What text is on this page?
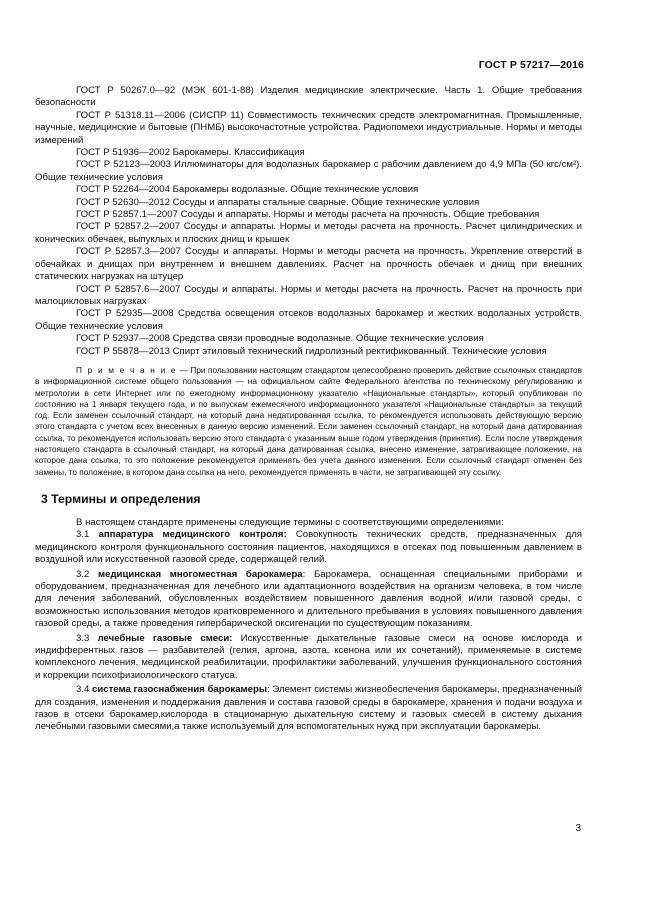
ГОСТ Р 57217—2016

ГОСТ Р 50267.0—92 (МЭК 601-1-88) Изделия медицинские электрические. Часть 1. Общие требования безопасности

ГОСТ Р 51318.11—2006 (СИСПР 11) Совместимость технических средств электромагнитная. Промышленные, научные, медицинские и бытовые (ПНМБ) высокочастотные устройства. Радиопомехи индустриальные. Нормы и методы измерений

ГОСТ Р 51936—2002 Барокамеры. Классификация

ГОСТ Р 52123—2003 Иллюминаторы для водолазных барокамер с рабочим давлением до 4,9 МПа (50 кгс/см²). Общие технические условия

ГОСТ Р 52264—2004 Барокамеры водолазные. Общие технические условия

ГОСТ Р 52630—2012 Сосуды и аппараты стальные сварные. Общие технические условия

ГОСТ Р 52857.1—2007 Сосуды и аппараты. Нормы и методы расчета на прочность. Общие требования

ГОСТ Р 52857.2—2007 Сосуды и аппараты. Нормы и методы расчета на прочность. Расчет цилиндрических и конических обечаек, выпуклых и плоских днищ и крышек

ГОСТ Р 52857.3—2007 Сосуды и аппараты. Нормы и методы расчета на прочность. Укрепление отверстий в обечайках и днищах при внутреннем и внешнем давлениях. Расчет на прочность обечаек и днищ при внешних статических нагрузках на штуцер

ГОСТ Р 52857.6—2007 Сосуды и аппараты. Нормы и методы расчета на прочность. Расчет на прочность при малоцикловых нагрузках

ГОСТ Р 52935—2008 Средства освещения отсеков водолазных барокамер и жестких водолазных устройств. Общие технические условия

ГОСТ Р 52937—2008 Средства связи проводные водолазные. Общие технические условия

ГОСТ Р 55878—2013 Спирт этиловый технический гидролизный ректификованный. Технические условия

П р и м е ч а н и е — При пользовании настоящим стандартом целесообразно проверить действие ссылочных стандартов в информационной системе общего пользования — на официальном сайте Федерального агентства по техническому регулированию и метрологии в сети Интернет или по ежегодному информационному указателю «Национальные стандарты», который опубликован по состоянию на 1 января текущего года, и по выпускам ежемесячного информационного указателя «Национальные стандарты» за текущий год. Если заменен ссылочный стандарт, на который дана недатированная ссылка, то рекомендуется использовать действующую версию этого стандарта с учетом всех внесенных в данную версию изменений. Если заменен ссылочный стандарт, на который дана датированная ссылка, то рекомендуется использовать версию этого стандарта с указанным выше годом утверждения (принятия). Если после утверждения настоящего стандарта в ссылочный стандарт, на который дана датированная ссылка, внесено изменение, затрагивающее положение, на которое дана ссылка, то это положение рекомендуется применять без учета данного изменения. Если ссылочный стандарт отменен без замены, то положение, в котором дана ссылка на него, рекомендуется применять в части, не затрагивающей эту ссылку.

3 Термины и определения

В настоящем стандарте применены следующие термины с соответствующими определениями:

3.1 аппаратура медицинского контроля: Совокупность технических средств, предназначенных для медицинского контроля функционального состояния пациентов, находящихся в отсеках под повышенным давлением в воздушной или искусственной газовой среде, содержащей гелий.

3.2 медицинская многоместная барокамера: Барокамера, оснащенная специальными приборами и оборудованием, предназначенная для лечебного или адаптационного воздействия на организм человека, в том числе для лечения заболеваний, обусловленных воздействием повышенного давления водной и/или газовой среды, с возможностью использования методов кратковременного и длительного пребывания в условиях повышенного давления газовой среды, а также проведения гипербарической оксигенации по существующим показаниям.

3.3 лечебные газовые смеси: Искусственные дыхательные газовые смеси на основе кислорода и индифферентных газов — разбавителей (гелия, аргона, азота, ксенона или их сочетаний), применяемые в системе комплексного лечения, медицинской реабилитации, профилактики заболеваний, улучшения функционального состояния и коррекции психофизиологического статуса.

3.4 система газоснабжения барокамеры: Элемент системы жизнеобеспечения барокамеры, предназначенный для создания, изменения и поддержания давления и состава газовой среды в барокамере, хранения и подачи воздуха и газов в отсеки барокамер,кислорода в стационарную дыхательную систему и газовых смесей в систему дыхания лечебными газовыми смесями,а также используемый для вспомогательных нужд при эксплуатации барокамеры.

3
